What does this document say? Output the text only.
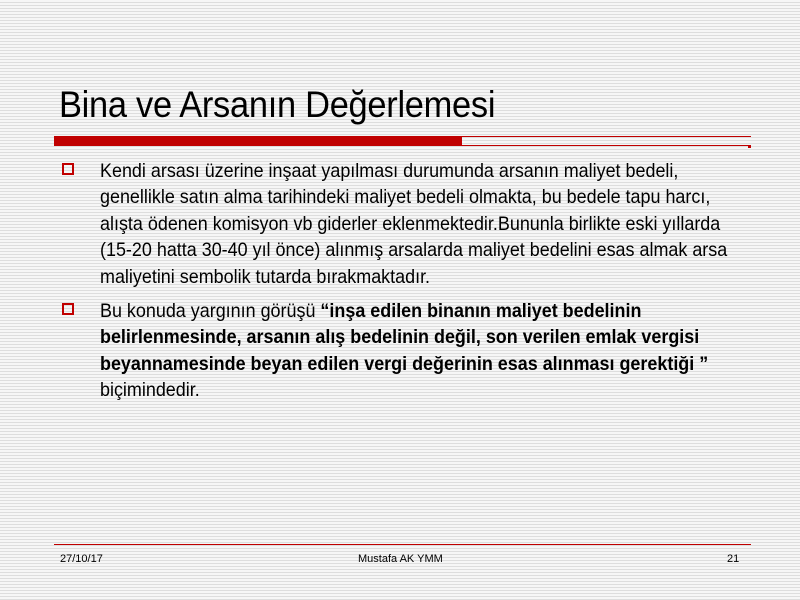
Bina ve Arsanın Değerlemesi
Kendi arsası üzerine inşaat yapılması durumunda arsanın maliyet bedeli, genellikle satın alma tarihindeki maliyet bedeli olmakta, bu bedele tapu harcı, alışta ödenen komisyon vb giderler eklenmektedir.Bununla birlikte eski yıllarda (15-20 hatta 30-40 yıl önce) alınmış arsalarda maliyet bedelini esas almak arsa maliyetini sembolik tutarda bırakmaktadır.
Bu konuda yargının görüşü “inşa edilen binanın maliyet bedelinin belirlenmesinde, arsanın alış bedelinin değil, son verilen emlak vergisi beyannamesinde beyan edilen vergi değerinin esas alınması gerektiği ” biçimindedir.
27/10/17	Mustafa AK YMM	21
